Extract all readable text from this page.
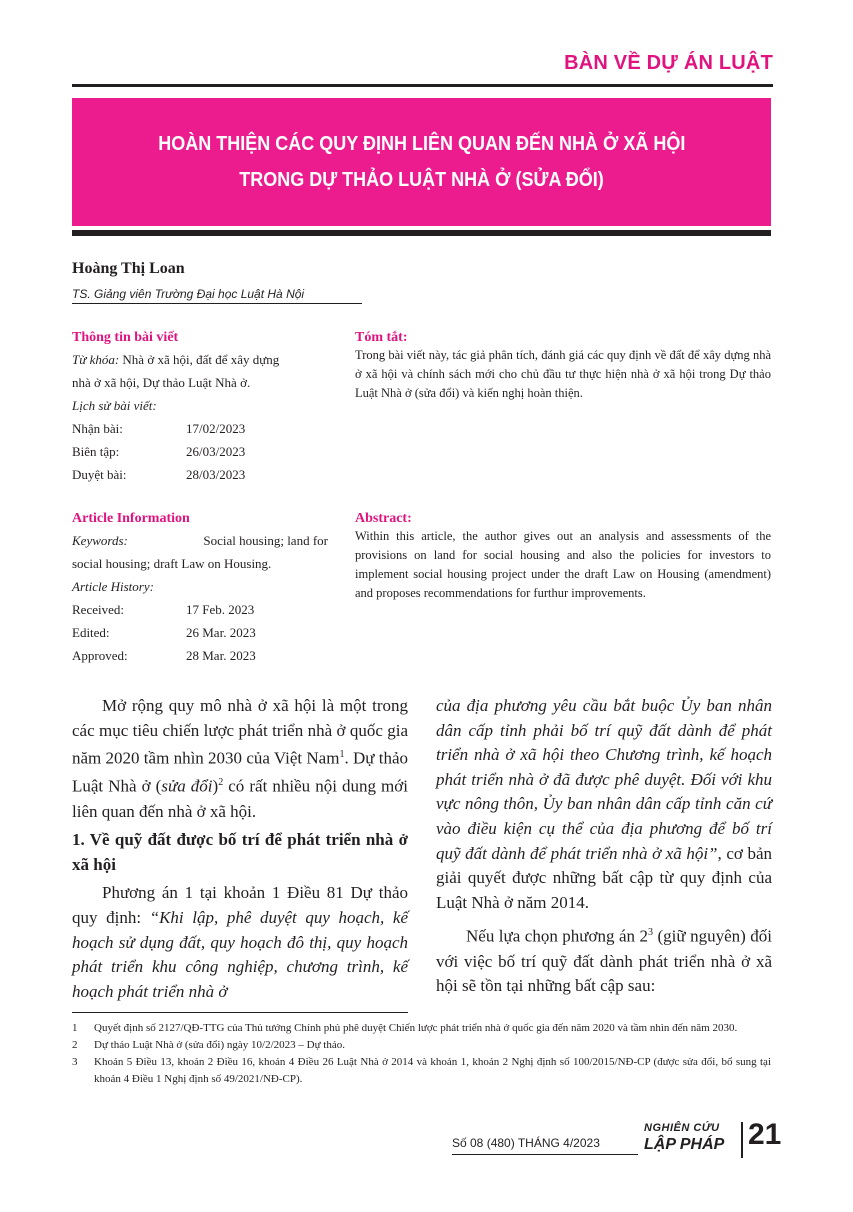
BÀN VỀ DỰ ÁN LUẬT
HOÀN THIỆN CÁC QUY ĐỊNH LIÊN QUAN ĐẾN NHÀ Ở XÃ HỘI
TRONG DỰ THẢO LUẬT NHÀ Ở (SỬA ĐỔI)
Hoàng Thị Loan
TS. Giảng viên Trường Đại học Luật Hà Nội
Thông tin bài viết
Từ khóa: Nhà ở xã hội, đất để xây dựng
nhà ở xã hội, Dự thảo Luật Nhà ở.
Lịch sử bài viết:
Nhận bài:	17/02/2023
Biên tập:	26/03/2023
Duyệt bài:	28/03/2023
Tóm tắt:
Trong bài viết này, tác giả phân tích, đánh giá các quy định về đất để xây dựng nhà ở xã hội và chính sách mới cho chủ đầu tư thực hiện nhà ở xã hội trong Dự thảo Luật Nhà ở (sửa đổi) và kiến nghị hoàn thiện.
Article Information
Keywords:	Social housing; land for
social housing; draft Law on Housing.
Article History:
Received:	17 Feb. 2023
Edited:	26 Mar. 2023
Approved:	28 Mar. 2023
Abstract:
Within this article, the author gives out an analysis and assessments of the provisions on land for social housing and also the policies for investors to implement social housing project under the draft Law on Housing (amendment) and proposes recommendations for furthur improvements.

Mở rộng quy mô nhà ở xã hội là một trong các mục tiêu chiến lược phát triển nhà ở quốc gia năm 2020 tầm nhìn 2030 của Việt Nam$^1$. Dự thảo Luật Nhà ở (sửa đổi)$^2$ có rất nhiều nội dung mới liên quan đến nhà ở xã hội.

1. Về quỹ đất được bố trí để phát triển nhà ở xã hội

Phương án 1 tại khoản 1 Điều 81 Dự thảo quy định: “Khi lập, phê duyệt quy hoạch, kế hoạch sử dụng đất, quy hoạch đô thị, quy hoạch phát triển khu công nghiệp, chương trình, kế hoạch phát triển nhà ở

của địa phương yêu cầu bắt buộc Ủy ban nhân dân cấp tỉnh phải bố trí quỹ đất dành để phát triển nhà ở xã hội theo Chương trình, kế hoạch phát triển nhà ở đã được phê duyệt. Đối với khu vực nông thôn, Ủy ban nhân dân cấp tỉnh căn cứ vào điều kiện cụ thể của địa phương để bố trí quỹ đất dành để phát triển nhà ở xã hội”, cơ bản giải quyết được những bất cập từ quy định của Luật Nhà ở năm 2014.

Nếu lựa chọn phương án $2^3$ (giữ nguyên) đối với việc bố trí quỹ đất dành phát triển nhà ở xã hội sẽ tồn tại những bất cập sau:

1	Quyết định số 2127/QĐ-TTG của Thủ tướng Chính phủ phê duyệt Chiến lược phát triển nhà ở quốc gia đến năm 2020 và tầm nhìn đến năm 2030.
2	Dự thảo Luật Nhà ở (sửa đổi) ngày 10/2/2023 – Dự thảo.
3	Khoản 5 Điều 13, khoản 2 Điều 16, khoản 4 Điều 26 Luật Nhà ở 2014 và khoản 1, khoản 2 Nghị định số 100/2015/NĐ-CP (được sửa đổi, bổ sung tại khoản 4 Điều 1 Nghị định số 49/2021/NĐ-CP).
Số 08 (480) THÁNG 4/2023
NGHIÊN CỨU
LẬP PHÁP 21
